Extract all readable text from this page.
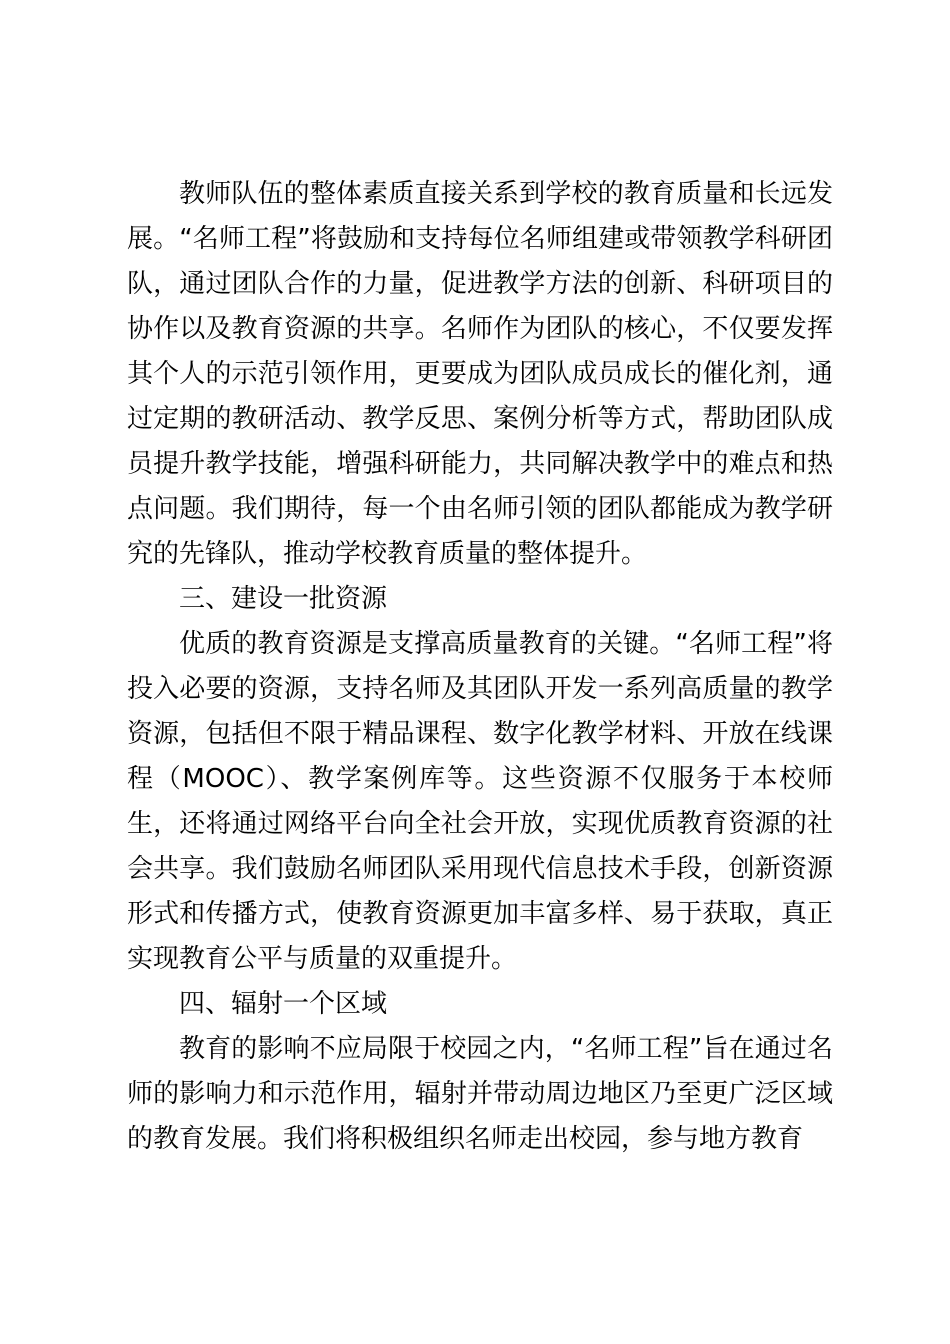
教师队伍的整体素质直接关系到学校的教育质量和长远发展。“名师工程”将鼓励和支持每位名师组建或带领教学科研团队，通过团队合作的力量，促进教学方法的创新、科研项目的协作以及教育资源的共享。名师作为团队的核心，不仅要发挥其个人的示范引领作用，更要成为团队成员成长的催化剂，通过定期的教研活动、教学反思、案例分析等方式，帮助团队成员提升教学技能，增强科研能力，共同解决教学中的难点和热点问题。我们期待，每一个由名师引领的团队都能成为教学研究的先锋队，推动学校教育质量的整体提升。

三、建设一批资源

优质的教育资源是支撑高质量教育的关键。“名师工程”将投入必要的资源，支持名师及其团队开发一系列高质量的教学资源，包括但不限于精品课程、数字化教学材料、开放在线课程（MOOC）、教学案例库等。这些资源不仅服务于本校师生，还将通过网络平台向全社会开放，实现优质教育资源的社会共享。我们鼓励名师团队采用现代信息技术手段，创新资源形式和传播方式，使教育资源更加丰富多样、易于获取，真正实现教育公平与质量的双重提升。

四、辐射一个区域

教育的影响不应局限于校园之内，“名师工程”旨在通过名师的影响力和示范作用，辐射并带动周边地区乃至更广泛区域的教育发展。我们将积极组织名师走出校园，参与地方教育
